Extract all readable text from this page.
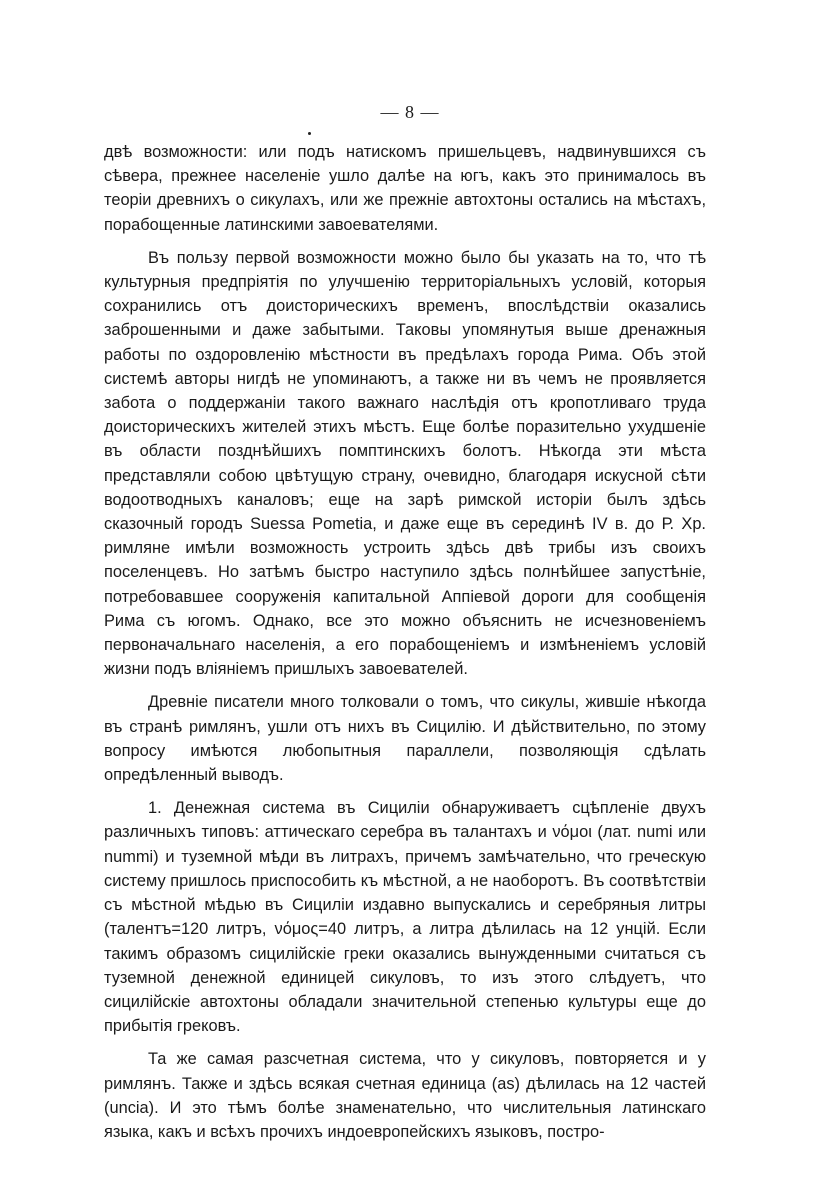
— 8 —

двѣ возможности: или подъ натискомъ пришельцевъ, надвинувшихся съ сѣвера, прежнее населеніе ушло далѣе на югъ, какъ это принималось въ теоріи древнихъ о сикулахъ, или же прежніе автохтоны остались на мѣстахъ, порабощенные латинскими завоевателями.

Въ пользу первой возможности можно было бы указать на то, что тѣ культурныя предпріятія по улучшенію территоріальныхъ условій, которыя сохранились отъ доисторическихъ временъ, впослѣдствіи оказались заброшенными и даже забытыми. Таковы упомянутыя выше дренажныя работы по оздоровленію мѣстности въ предѣлахъ города Рима. Объ этой системѣ авторы нигдѣ не упоминаютъ, а также ни въ чемъ не проявляется забота о поддержаніи такого важнаго наслѣдія отъ кропотливаго труда доисторическихъ жителей этихъ мѣстъ. Еще болѣе поразительно ухудшеніе въ области позднѣйшихъ помптинскихъ болотъ. Нѣкогда эти мѣста представляли собою цвѣтущую страну, очевидно, благодаря искусной сѣти водоотводныхъ каналовъ; еще на зарѣ римской исторіи былъ здѣсь сказочный городъ Suessa Pometia, и даже еще въ серединѣ IV в. до Р. Хр. римляне имѣли возможность устроить здѣсь двѣ трибы изъ своихъ поселенцевъ. Но затѣмъ быстро наступило здѣсь полнѣйшее запустѣніе, потребовавшее сооруженія капитальной Аппіевой дороги для сообщенія Рима съ югомъ. Однако, все это можно объяснить не исчезновеніемъ первоначальнаго населенія, а его порабощеніемъ и измѣненіемъ условій жизни подъ вліяніемъ пришлыхъ завоевателей.

Древніе писатели много толковали о томъ, что сикулы, жившіе нѣкогда въ странѣ римлянъ, ушли отъ нихъ въ Сицилію. И дѣйствительно, по этому вопросу имѣются любопытныя параллели, позволяющія сдѣлать опредѣленный выводъ.

1. Денежная система въ Сициліи обнаруживаетъ сцѣпленіе двухъ различныхъ типовъ: аттическаго серебра въ талантахъ и νόμοι (лат. numi или nummi) и туземной мѣди въ литрахъ, причемъ замѣчательно, что греческую систему пришлось приспособить къ мѣстной, а не наоборотъ. Въ соотвѣтствіи съ мѣстной мѣдью въ Сициліи издавно выпускались и серебряныя литры (талентъ=120 литръ, νόμος=40 литръ, а литра дѣлилась на 12 унцій. Если такимъ образомъ сицилійскіе греки оказались вынужденными считаться съ туземной денежной единицей сикуловъ, то изъ этого слѣдуетъ, что сицилійскіе автохтоны обладали значительной степенью культуры еще до прибытія грековъ.

Та же самая разсчетная система, что у сикуловъ, повторяется и у римлянъ. Также и здѣсь всякая счетная единица (as) дѣлилась на 12 частей (uncia). И это тѣмъ болѣе знаменательно, что числительныя латинскаго языка, какъ и всѣхъ прочихъ индоевропейскихъ языковъ, постро-
